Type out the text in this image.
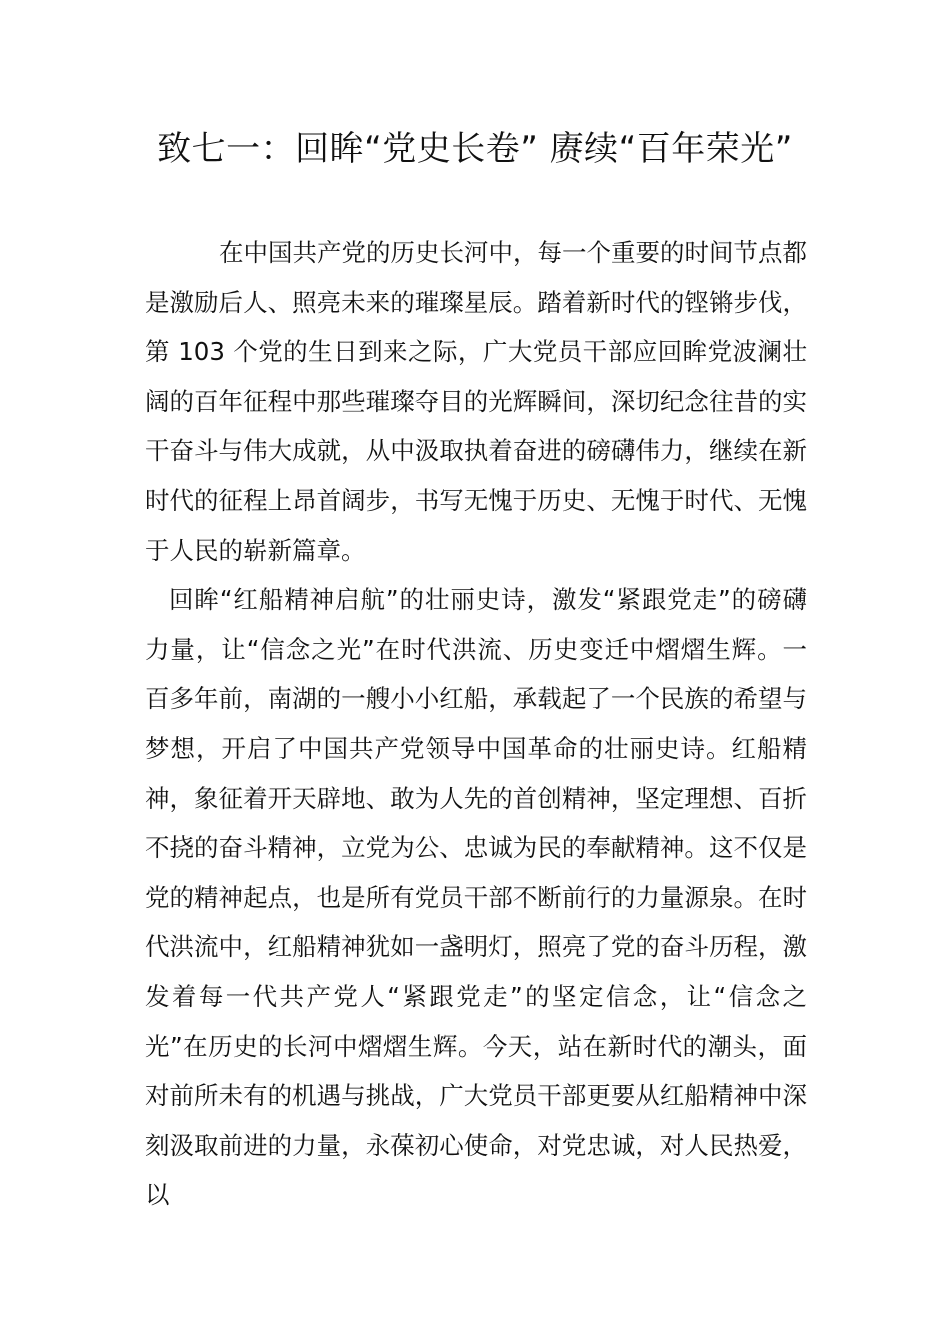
致七一：回眸“党史长卷” 赓续“百年荣光”

在中国共产党的历史长河中，每一个重要的时间节点都是激励后人、照亮未来的璀璨星辰。踏着新时代的铿锵步伐，第 103 个党的生日到来之际，广大党员干部应回眸党波澜壮阔的百年征程中那些璀璨夺目的光辉瞬间，深切纪念往昔的实干奋斗与伟大成就，从中汲取执着奋进的磅礴伟力，继续在新时代的征程上昂首阔步，书写无愧于历史、无愧于时代、无愧于人民的崭新篇章。

回眸“红船精神启航”的壮丽史诗，激发“紧跟党走”的磅礴力量，让“信念之光”在时代洪流、历史变迁中熠熠生辉。一百多年前，南湖的一艘小小红船，承载起了一个民族的希望与梦想，开启了中国共产党领导中国革命的壮丽史诗。红船精神，象征着开天辟地、敢为人先的首创精神，坚定理想、百折不挠的奋斗精神，立党为公、忠诚为民的奉献精神。这不仅是党的精神起点，也是所有党员干部不断前行的力量源泉。在时代洪流中，红船精神犹如一盏明灯，照亮了党的奋斗历程，激发着每一代共产党人“紧跟党走”的坚定信念，让“信念之光”在历史的长河中熠熠生辉。今天，站在新时代的潮头，面对前所未有的机遇与挑战，广大党员干部更要从红船精神中深刻汲取前进的力量，永葆初心使命，对党忠诚，对人民热爱，以
